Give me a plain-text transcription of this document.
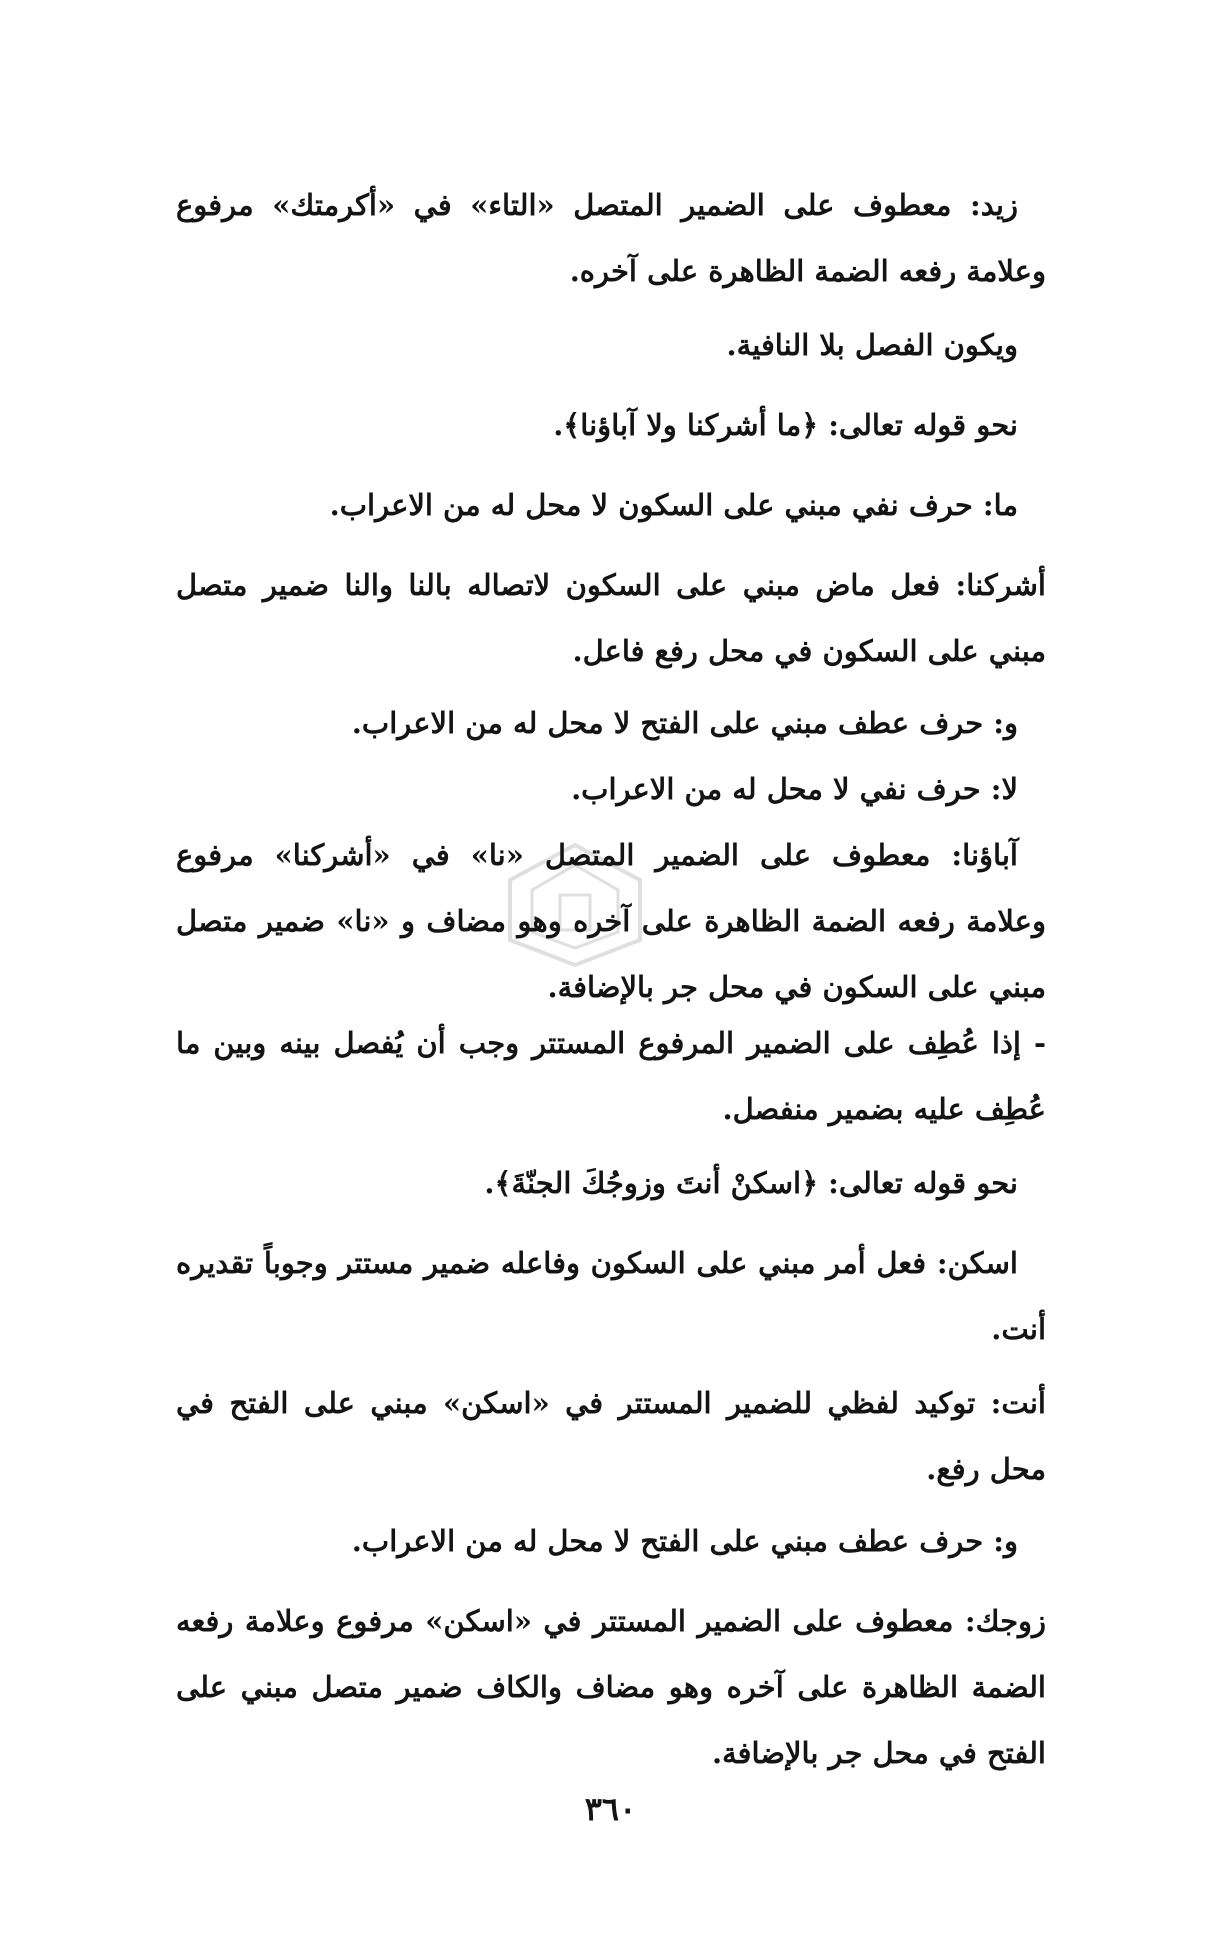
زيد: معطوف على الضمير المتصل «التاء» في «أكرمتك» مرفوع وعلامة رفعه الضمة الظاهرة على آخره.

ويكون الفصل بلا النافية.

نحو قوله تعالى: ﴿ما أشركنا ولا آباؤنا﴾.

ما: حرف نفي مبني على السكون لا محل له من الاعراب.

أشركنا: فعل ماض مبني على السكون لاتصاله بالنا والنا ضمير متصل مبني على السكون في محل رفع فاعل.

و: حرف عطف مبني على الفتح لا محل له من الاعراب.

لا: حرف نفي لا محل له من الاعراب.

آباؤنا: معطوف على الضمير المتصل «نا» في «أشركنا» مرفوع وعلامة رفعه الضمة الظاهرة على آخره وهو مضاف و «نا» ضمير متصل مبني على السكون في محل جر بالإضافة.

- إذا عُطِف على الضمير المرفوع المستتر وجب أن يُفصل بينه وبين ما عُطِف عليه بضمير منفصل.

نحو قوله تعالى: ﴿اسكنْ أنتَ وزوجُكَ الجنّةَ﴾.

اسكن: فعل أمر مبني على السكون وفاعله ضمير مستتر وجوباً تقديره أنت.

أنت: توكيد لفظي للضمير المستتر في «اسكن» مبني على الفتح في محل رفع.

و: حرف عطف مبني على الفتح لا محل له من الاعراب.

زوجك: معطوف على الضمير المستتر في «اسكن» مرفوع وعلامة رفعه الضمة الظاهرة على آخره وهو مضاف والكاف ضمير متصل مبني على الفتح في محل جر بالإضافة.

٣٦٠
